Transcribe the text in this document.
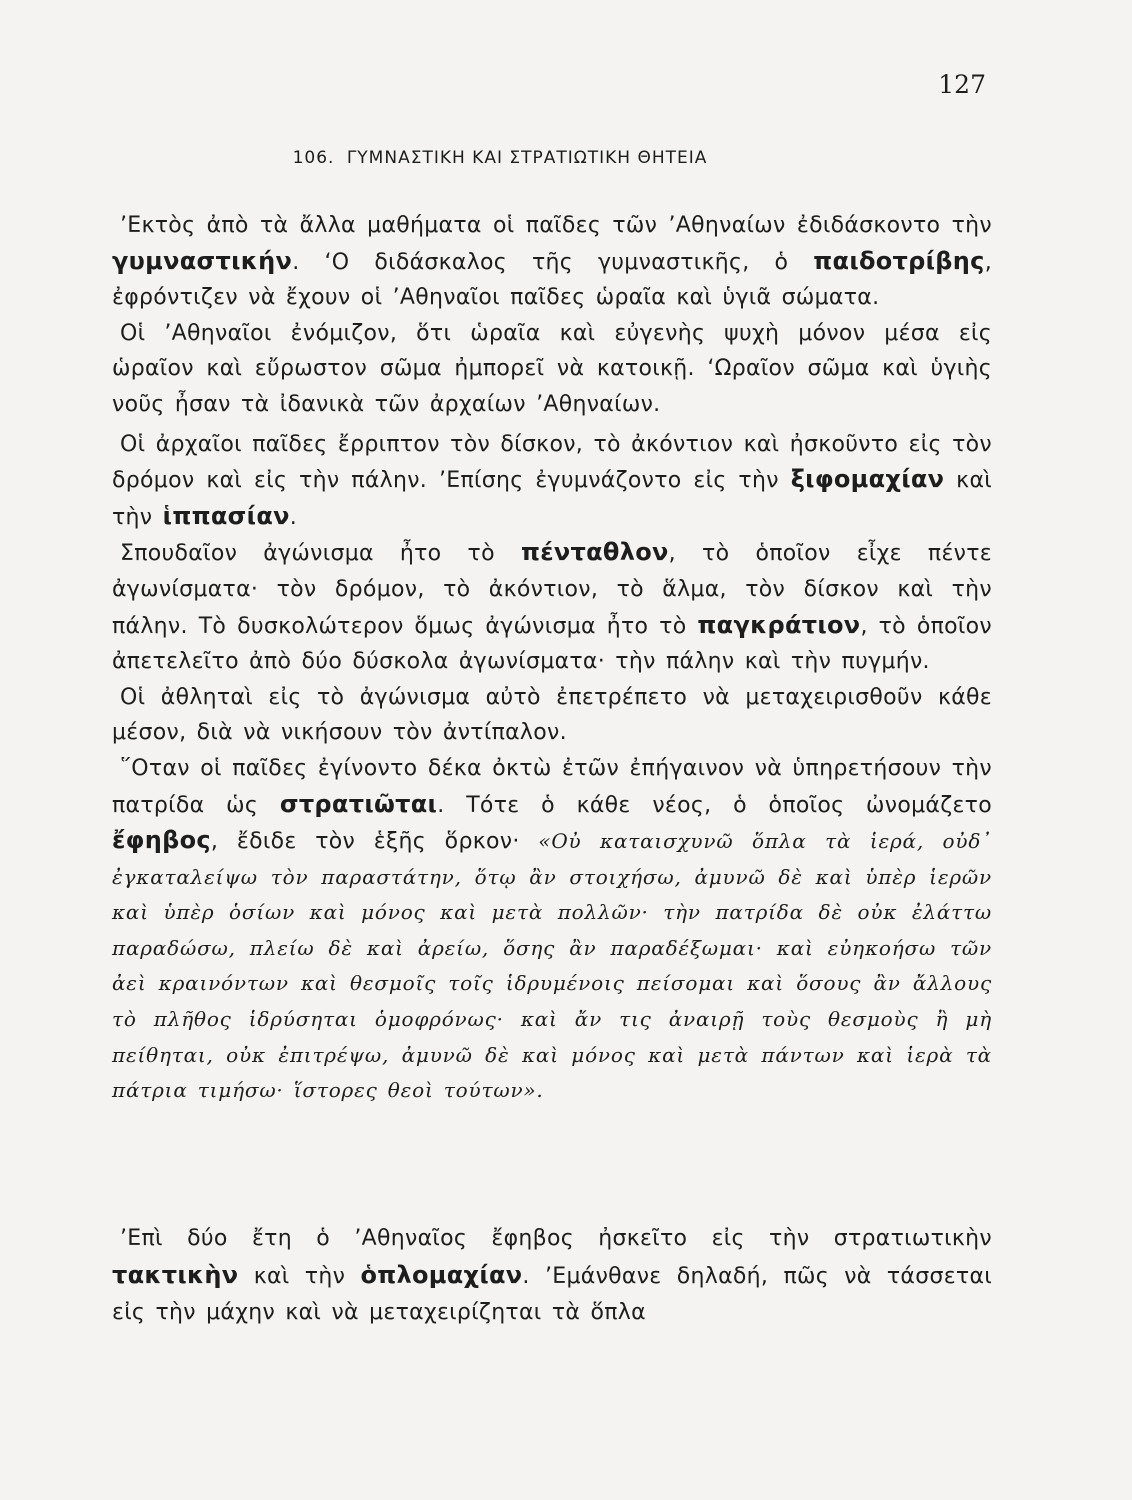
127
106. ΓΥΜΝΑΣΤΙΚΗ ΚΑΙ ΣΤΡΑΤΙΩΤΙΚΗ ΘΗΤΕΙΑ

’Εκτὸς ἀπὸ τὰ ἄλλα μαθήματα οἱ παῖδες τῶν ’Αθηναίων ἐδιδάσκοντο τὴν γυμναστικήν. ‘Ο διδάσκαλος τῆς γυμναστικῆς, ὁ παιδοτρίβης, ἐφρόντιζεν νὰ ἔχουν οἱ ’Αθηναῖοι παῖδες ὡραῖα καὶ ὑγιᾶ σώματα.

Οἱ ’Αθηναῖοι ἐνόμιζον, ὅτι ὡραῖα καὶ εὐγενὴς ψυχὴ μόνον μέσα εἰς ὡραῖον καὶ εὔρωστον σῶμα ἠμπορεῖ νὰ κατοικῇ. ‘Ωραῖον σῶμα καὶ ὑγιὴς νοῦς ἦσαν τὰ ἰδανικὰ τῶν ἀρχαίων ’Αθηναίων.

Οἱ ἀρχαῖοι παῖδες ἔρριπτον τὸν δίσκον, τὸ ἀκόντιον καὶ ἠσκοῦντο εἰς τὸν δρόμον καὶ εἰς τὴν πάλην. ’Επίσης ἐγυμνάζοντο εἰς τὴν ξιφομαχίαν καὶ τὴν ἱππασίαν.

Σπουδαῖον ἀγώνισμα ἦτο τὸ πένταθλον, τὸ ὁποῖον εἶχε πέντε ἀγωνίσματα· τὸν δρόμον, τὸ ἀκόντιον, τὸ ἅλμα, τὸν δίσκον καὶ τὴν πάλην. Τὸ δυσκολώτερον ὅμως ἀγώνισμα ἦτο τὸ παγκράτιον, τὸ ὁποῖον ἀπετελεῖτο ἀπὸ δύο δύσκολα ἀγωνίσματα· τὴν πάλην καὶ τὴν πυγμήν.

Οἱ ἀθληταὶ εἰς τὸ ἀγώνισμα αὐτὸ ἐπετρέπετο νὰ μεταχειρισθοῦν κάθε μέσον, διὰ νὰ νικήσουν τὸν ἀντίπαλον.

῞Οταν οἱ παῖδες ἐγίνοντο δέκα ὀκτὼ ἐτῶν ἐπήγαινον νὰ ὑπηρετήσουν τὴν πατρίδα ὡς στρατιῶται. Τότε ὁ κάθε νέος, ὁ ὁποῖος ὠνομάζετο ἔφηβος, ἔδιδε τὸν ἑξῆς ὅρκον· «Οὐ καταισχυνῶ ὅπλα τὰ ἱερά, οὐδ᾽ ἐγκαταλείψω τὸν παραστάτην, ὅτῳ ἂν στοιχήσω, ἀμυνῶ δὲ καὶ ὑπὲρ ἱερῶν καὶ ὑπὲρ ὁσίων καὶ μόνος καὶ μετὰ πολλῶν· τὴν πατρίδα δὲ οὐκ ἐλάττω παραδώσω, πλείω δὲ καὶ ἀρείω, ὅσης ἂν παραδέξωμαι· καὶ εὐηκοήσω τῶν ἀεὶ κραινόντων καὶ θεσμοῖς τοῖς ἱδρυμένοις πείσομαι καὶ ὅσους ἂν ἄλλους τὸ πλῆθος ἱδρύσηται ὁμοφρόνως· καὶ ἄν τις ἀναιρῇ τοὺς θεσμοὺς ἢ μὴ πείθηται, οὐκ ἐπιτρέψω, ἀμυνῶ δὲ καὶ μόνος καὶ μετὰ πάντων καὶ ἱερὰ τὰ πάτρια τιμήσω· ἵστορες θεοὶ τούτων».

’Επὶ δύο ἔτη ὁ ’Αθηναῖος ἔφηβος ἠσκεῖτο εἰς τὴν στρατιωτικὴν τακτικὴν καὶ τὴν ὁπλομαχίαν. ’Εμάνθανε δηλαδή, πῶς νὰ τάσσεται εἰς τὴν μάχην καὶ νὰ μεταχειρίζηται τὰ ὅπλα
